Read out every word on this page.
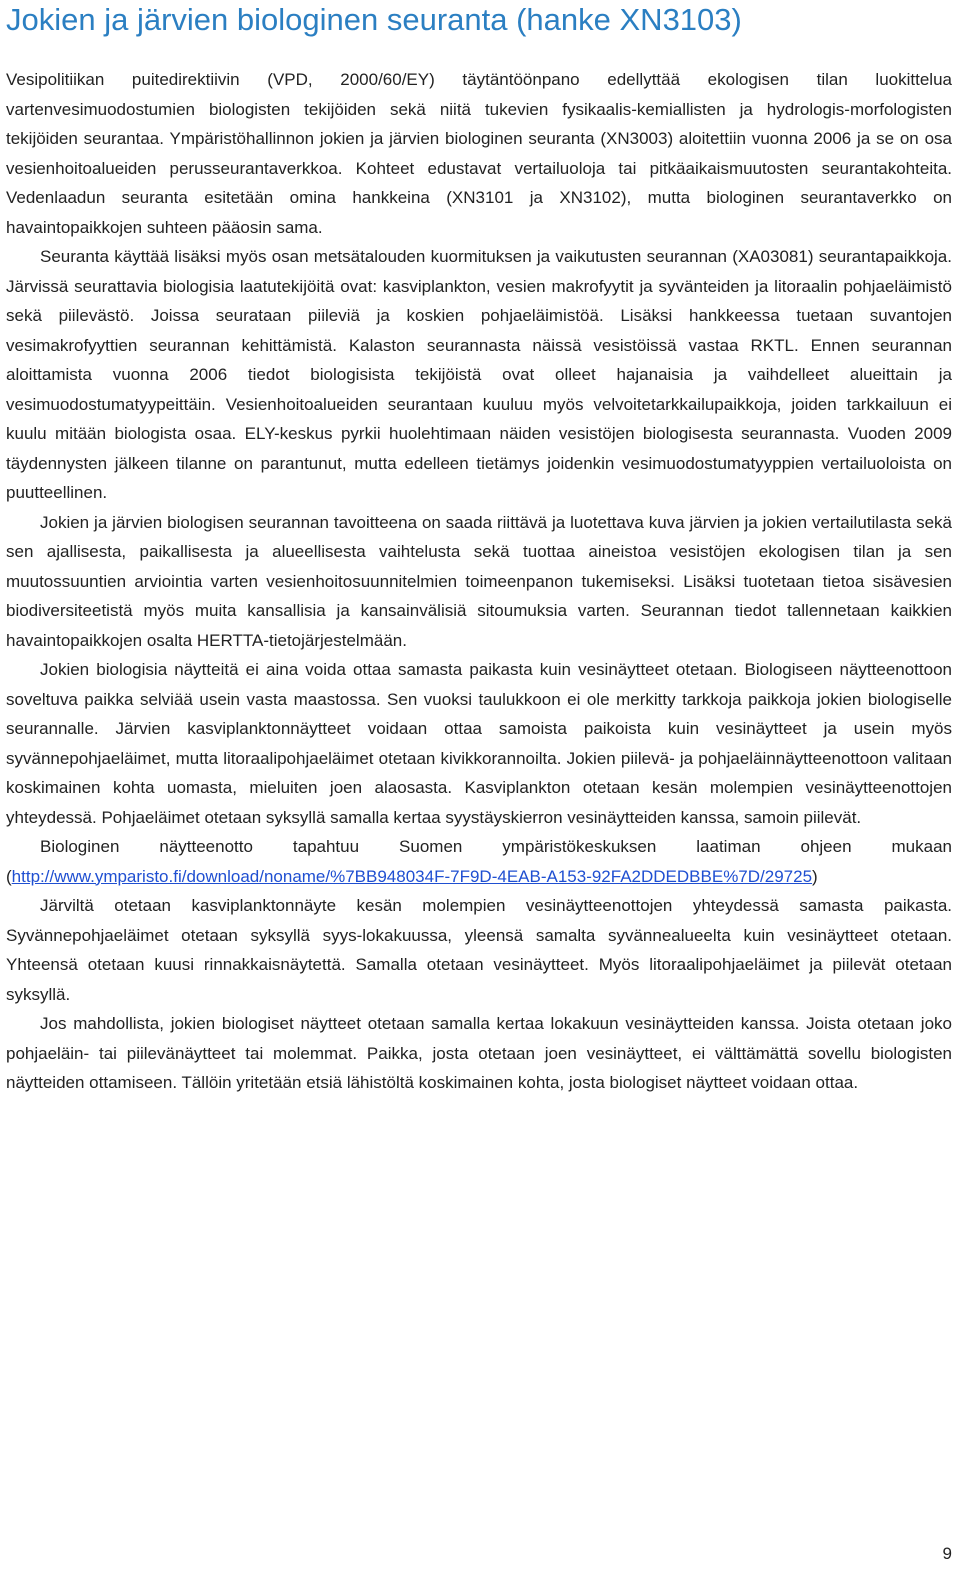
Jokien ja järvien biologinen seuranta (hanke XN3103)

Vesipolitiikan puitedirektiivin (VPD, 2000/60/EY) täytäntöönpano edellyttää ekologisen tilan luokittelua vartenvesimuodostumien biologisten tekijöiden sekä niitä tukevien fysikaalis-kemiallisten ja hydrologis-morfologisten tekijöiden seurantaa. Ympäristöhallinnon jokien ja järvien biologinen seuranta (XN3003) aloitettiin vuonna 2006 ja se on osa vesienhoitoalueiden perusseurantaverkkoa. Kohteet edustavat vertailuoloja tai pitkäaikaismuutosten seurantakohteita. Vedenlaadun seuranta esitetään omina hankkeina (XN3101 ja XN3102), mutta biologinen seurantaverkko on havaintopaikkojen suhteen pääosin sama.

Seuranta käyttää lisäksi myös osan metsätalouden kuormituksen ja vaikutusten seurannan (XA03081) seurantapaikkoja. Järvissä seurattavia biologisia laatutekijöitä ovat: kasviplankton, vesien makrofyytit ja syvänteiden ja litoraalin pohjaeläimistö sekä piilevästö. Joissa seurataan piileviä ja koskien pohjaeläimistöä. Lisäksi hankkeessa tuetaan suvantojen vesimakrofyyttien seurannan kehittämistä. Kalaston seurannasta näissä vesistöissä vastaa RKTL. Ennen seurannan aloittamista vuonna 2006 tiedot biologisista tekijöistä ovat olleet hajanaisia ja vaihdelleet alueittain ja vesimuodostumatyypeittäin. Vesienhoitoalueiden seurantaan kuuluu myös velvoitetarkkailupaikkoja, joiden tarkkailuun ei kuulu mitään biologista osaa. ELY-keskus pyrkii huolehtimaan näiden vesistöjen biologisesta seurannasta. Vuoden 2009 täydennysten jälkeen tilanne on parantunut, mutta edelleen tietämys joidenkin vesimuodostumatyyppien vertailuoloista on puutteellinen.

Jokien ja järvien biologisen seurannan tavoitteena on saada riittävä ja luotettava kuva järvien ja jokien vertailutilasta sekä sen ajallisesta, paikallisesta ja alueellisesta vaihtelusta sekä tuottaa aineistoa vesistöjen ekologisen tilan ja sen muutossuuntien arviointia varten vesienhoitosuunnitelmien toimeenpanon tukemiseksi. Lisäksi tuotetaan tietoa sisävesien biodiversiteetistä myös muita kansallisia ja kansainvälisiä sitoumuksia varten. Seurannan tiedot tallennetaan kaikkien havaintopaikkojen osalta HERTTA-tietojärjestelmään.

Jokien biologisia näytteitä ei aina voida ottaa samasta paikasta kuin vesinäytteet otetaan. Biologiseen näytteenottoon soveltuva paikka selviää usein vasta maastossa. Sen vuoksi taulukkoon ei ole merkitty tarkkoja paikkoja jokien biologiselle seurannalle. Järvien kasviplanktonnäytteet voidaan ottaa samoista paikoista kuin vesinäytteet ja usein myös syvännepohjaeläimet, mutta litoraalipohjaeläimet otetaan kivikkorannoilta. Jokien piilevä- ja pohjaeläinnäytteenottoon valitaan koskimainen kohta uomasta, mieluiten joen alaosasta. Kasviplankton otetaan kesän molempien vesinäytteenottojen yhteydessä. Pohjaeläimet otetaan syksyllä samalla kertaa syystäyskierron vesinäytteiden kanssa, samoin piilevät.

Biologinen näytteenotto tapahtuu Suomen ympäristökeskuksen laatiman ohjeen mukaan (http://www.ymparisto.fi/download/noname/%7BB948034F-7F9D-4EAB-A153-92FA2DDEDBBE%7D/29725)

Järviltä otetaan kasviplanktonnäyte kesän molempien vesinäytteenottojen yhteydessä samasta paikasta. Syvännepohjaeläimet otetaan syksyllä syys-lokakuussa, yleensä samalta syvännealueelta kuin vesinäytteet otetaan. Yhteensä otetaan kuusi rinnakkaisnäytettä. Samalla otetaan vesinäytteet. Myös litoraalipohjaeläimet ja piilevät otetaan syksyllä.

Jos mahdollista, jokien biologiset näytteet otetaan samalla kertaa lokakuun vesinäytteiden kanssa. Joista otetaan joko pohjaeläin- tai piilevänäytteet tai molemmat. Paikka, josta otetaan joen vesinäytteet, ei välttämättä sovellu biologisten näytteiden ottamiseen. Tällöin yritetään etsiä lähistöltä koskimainen kohta, josta biologiset näytteet voidaan ottaa.

9
